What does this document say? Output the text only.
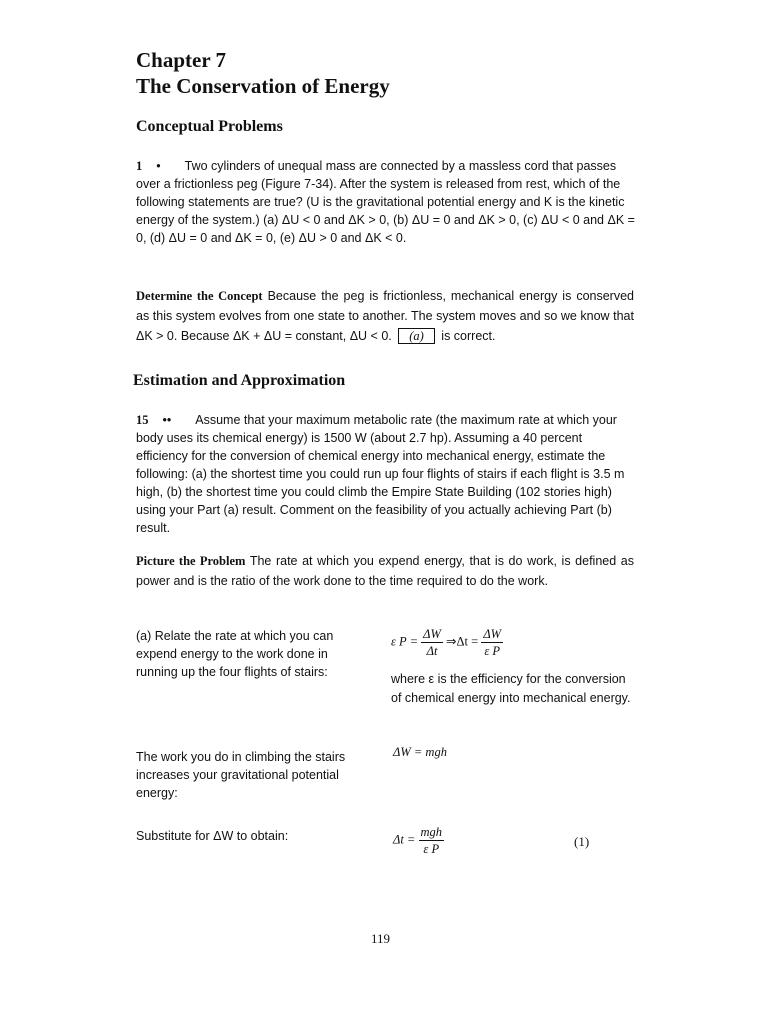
Chapter 7
The Conservation of Energy
Conceptual Problems
1 • Two cylinders of unequal mass are connected by a massless cord that passes over a frictionless peg (Figure 7-34). After the system is released from rest, which of the following statements are true? (U is the gravitational potential energy and K is the kinetic energy of the system.) (a) ΔU < 0 and ΔK > 0, (b) ΔU = 0 and ΔK > 0, (c) ΔU < 0 and ΔK = 0, (d) ΔU = 0 and ΔK = 0, (e) ΔU > 0 and ΔK < 0.
Determine the Concept Because the peg is frictionless, mechanical energy is conserved as this system evolves from one state to another. The system moves and so we know that ΔK > 0. Because ΔK + ΔU = constant, ΔU < 0. (a) is correct.
Estimation and Approximation
15 •• Assume that your maximum metabolic rate (the maximum rate at which your body uses its chemical energy) is 1500 W (about 2.7 hp). Assuming a 40 percent efficiency for the conversion of chemical energy into mechanical energy, estimate the following: (a) the shortest time you could run up four flights of stairs if each flight is 3.5 m high, (b) the shortest time you could climb the Empire State Building (102 stories high) using your Part (a) result. Comment on the feasibility of you actually achieving Part (b) result.
Picture the Problem The rate at which you expend energy, that is do work, is defined as power and is the ratio of the work done to the time required to do the work.
(a) Relate the rate at which you can expend energy to the work done in running up the four flights of stairs:
ε $P = \frac{\Delta W}{\Delta t}$ ⇒Δt = $\frac{\Delta W}{\text{ε P}}$
where ε is the efficiency for the conversion of chemical energy into mechanical energy.
The work you do in climbing the stairs increases your gravitational potential energy:
ΔW = mgh
Substitute for ΔW to obtain:	$\Delta t = \frac{\text{mgh}}{\text{ε P}}$	(1)
119
